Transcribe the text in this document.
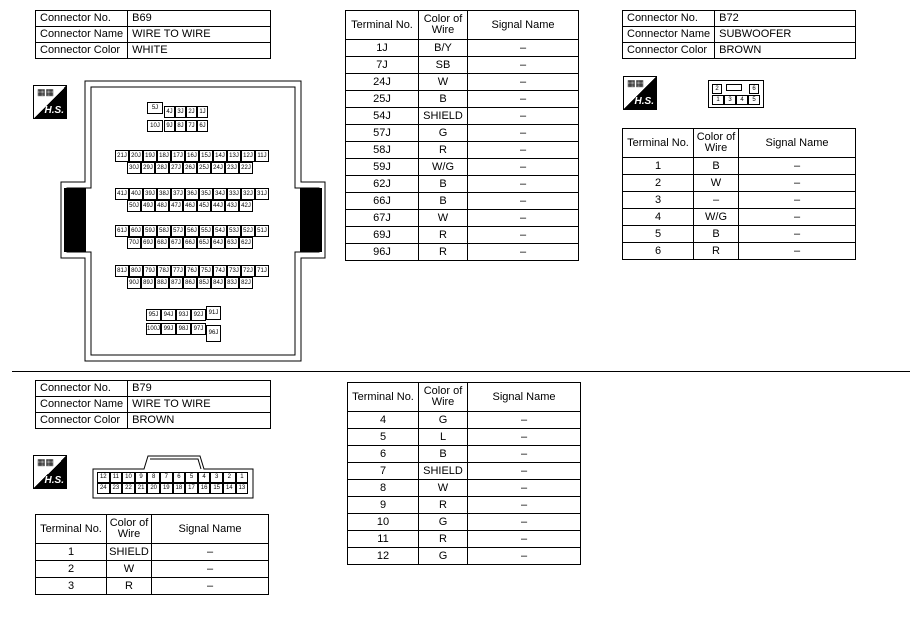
Connector No.	B69
Connector Name	WIRE TO WIRE
Connector Color	WHITE
▦▦
H.S.	5J
4J 3J 2J 1J
10J	9J 8J 7J 6J
21J 20J 19J 18J 17J 16J 15J 14J 13J 12J 11J
30J 29J 28J 27J 26J 25J 24J 23J 22J
41J 40J 39J 38J 37J 36J 35J 34J 33J 32J 31J
50J 49J 48J 47J 46J 45J 44J 43J 42J
61J 60J 59J 58J 57J 56J 55J 54J 53J 52J 51J
70J 69J 68J 67J 66J 65J 64J 63J 62J
81J 80J 79J 78J 77J 76J 75J 74J 73J 72J 71J
90J 89J 88J 87J 86J 85J 84J 83J 82J
95J 94J 93J 92J
100J 99J 98J 97J
91J
96J
Terminal No.	Color of Wire	Signal Name
1J	B/Y	–
7J	SB	–
24J	W	–
25J	B	–
54J	SHIELD	–
57J	G	–
58J	R	–
59J	W/G	–
62J	B	–
66J	B	–
67J	W	–
69J	R	–
96J	R	–
Connector No.	B72
Connector Name	SUBWOOFER
Connector Color	BROWN
▦▦
H.S.
2	6
1	3	4	5
Terminal No.	Color of Wire	Signal Name
1	B	–
2	W	–
3	–	–
4	W/G	–
5	B	–
6	R	–
Connector No.	B79
Connector Name	WIRE TO WIRE
Connector Color	BROWN
▦▦
H.S.	12	11	10	9	8	7	6	5	4	3	2	1
24 23 22 21 20 19 18 17 16 15 14 13
Terminal No.	Color of Wire	Signal Name
1	SHIELD	–
2	W	–
3	R	–
Terminal No.	Color of Wire	Signal Name
4	G	–
5	L	–
6	B	–
7	SHIELD	–
8	W	–
9	R	–
10	G	–
11	R	–
12	G	–
